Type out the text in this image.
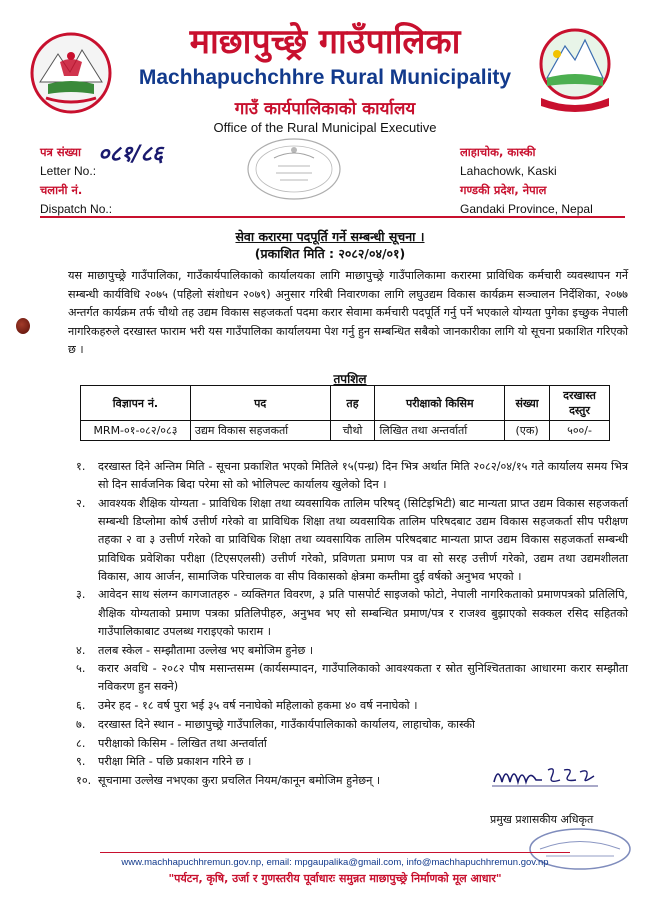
माछापुच्छ्रे गाउँपालिका
Machhapuchchhre Rural Municipality
गाउँ कार्यपालिकाको कार्यालय
Office of the Rural Municipal Executive
पत्र संख्या
Letter No.:
चलानी नं.
Dispatch No.:
०८१/८६	लाहाचोक, कास्की
Lahachowk, Kaski
गण्डकी प्रदेश, नेपाल
Gandaki Province, Nepal
सेवा करारमा पदपूर्ति गर्ने सम्बन्धी सूचना ।
(प्रकाशित मिति : २०८२/०४/०१)
यस माछापुच्छ्रे गाउँपालिका, गाउँकार्यपालिकाको कार्यालयका लागि माछापुच्छ्रे गाउँपालिकामा करारमा प्राविधिक कर्मचारी व्यवस्थापन गर्ने सम्बन्धी कार्यविधि २०७५ (पहिलो संशोधन २०७९) अनुसार गरिबी निवारणका लागि लघुउद्यम विकास कार्यक्रम सञ्चालन निर्देशिका, २०७७ अन्तर्गत कार्यक्रम तर्फ चौथो तह उद्यम विकास सहजकर्ता पदमा करार सेवामा कर्मचारी पदपूर्ति गर्नु पर्ने भएकाले योग्यता पुगेका इच्छुक नेपाली नागरिकहरुले दरखास्त फाराम भरी यस गाउँपालिका कार्यालयमा पेश गर्नु हुन सम्बन्धित सबैको जानकारीका लागि यो सूचना प्रकाशित गरिएको छ ।
तपशिल
विज्ञापन नं.	पद	तह	परीक्षाको किसिम	संख्या	दरखास्त दस्तुर
MRM-०१-०८२/०८३	उद्यम विकास सहजकर्ता	चौथो	लिखित तथा अन्तर्वार्ता	(एक)	५००/-
१. दरखास्त दिने अन्तिम मिति - सूचना प्रकाशित भएको मितिले १५(पन्ध्र) दिन भित्र अर्थात मिति २०८२/०४/१५ गते कार्यालय समय भित्र सो दिन सार्वजनिक बिदा परेमा सो को भोलिपल्ट कार्यालय खुलेको दिन ।
२. आवश्यक शैक्षिक योग्यता - प्राविधिक शिक्षा तथा व्यवसायिक तालिम परिषद् (सिटिइभिटी) बाट मान्यता प्राप्त उद्यम विकास सहजकर्ता सम्बन्धी डिप्लोमा कोर्ष उत्तीर्ण गरेको वा प्राविधिक शिक्षा तथा व्यवसायिक तालिम परिषदबाट उद्यम विकास सहजकर्ता सीप परीक्षण तहका २ वा ३ उत्तीर्ण गरेको वा प्राविधिक शिक्षा तथा व्यवसायिक तालिम परिषदबाट मान्यता प्राप्त उद्यम विकास सहजकर्ता सम्बन्धी प्राविधिक प्रवेशिका परीक्षा (टिएसएलसी) उत्तीर्ण गरेको, प्रविणता प्रमाण पत्र वा सो सरह उत्तीर्ण गरेको, उद्यम तथा उद्यमशीलता विकास, आय आर्जन, सामाजिक परिचालक वा सीप विकासको क्षेत्रमा कम्तीमा दुई वर्षको अनुभव भएको ।
३. आवेदन साथ संलग्न कागजातहरु - व्यक्तिगत विवरण, ३ प्रति पासपोर्ट साइजको फोटो, नेपाली नागरिकताको प्रमाणपत्रको प्रतिलिपि, शैक्षिक योग्यताको प्रमाण पत्रका प्रतिलिपीहरु, अनुभव भए सो सम्बन्धित प्रमाण/पत्र र राजश्व बुझाएको सक्कल रसिद सहितको गाउँपालिकाबाट उपलब्ध गराइएको फाराम ।
४. तलब स्केल - सम्झौतामा उल्लेख भए बमोजिम हुनेछ ।
५. करार अवधि - २०८२ पौष मसान्तसम्म (कार्यसम्पादन, गाउँपालिकाको आवश्यकता र स्रोत सुनिश्चितताका आधारमा करार सम्झौता नविकरण हुन सक्ने)
६. उमेर हद - १८ वर्ष पुरा भई ३५ वर्ष ननाघेको महिलाको हकमा ४० वर्ष ननाघेको ।
७. दरखास्त दिने स्थान - माछापुच्छ्रे गाउँपालिका, गाउँकार्यपालिकाको कार्यालय, लाहाचोक, कास्की
८. परीक्षाको किसिम - लिखित तथा अन्तर्वार्ता
९. परीक्षा मिति - पछि प्रकाशन गरिने छ ।
१०. सूचनामा उल्लेख नभएका कुरा प्रचलित नियम/कानून बमोजिम हुनेछन् ।
प्रमुख प्रशासकीय अधिकृत
www.machhapuchhremun.gov.np, email: mpgaupalika@gmail.com, info@machhapuchhremun.gov.np
"पर्यटन, कृषि, उर्जा र गुणस्तरीय पूर्वाधारः समुन्नत माछापुच्छ्रे निर्माणको मूल आधार"
